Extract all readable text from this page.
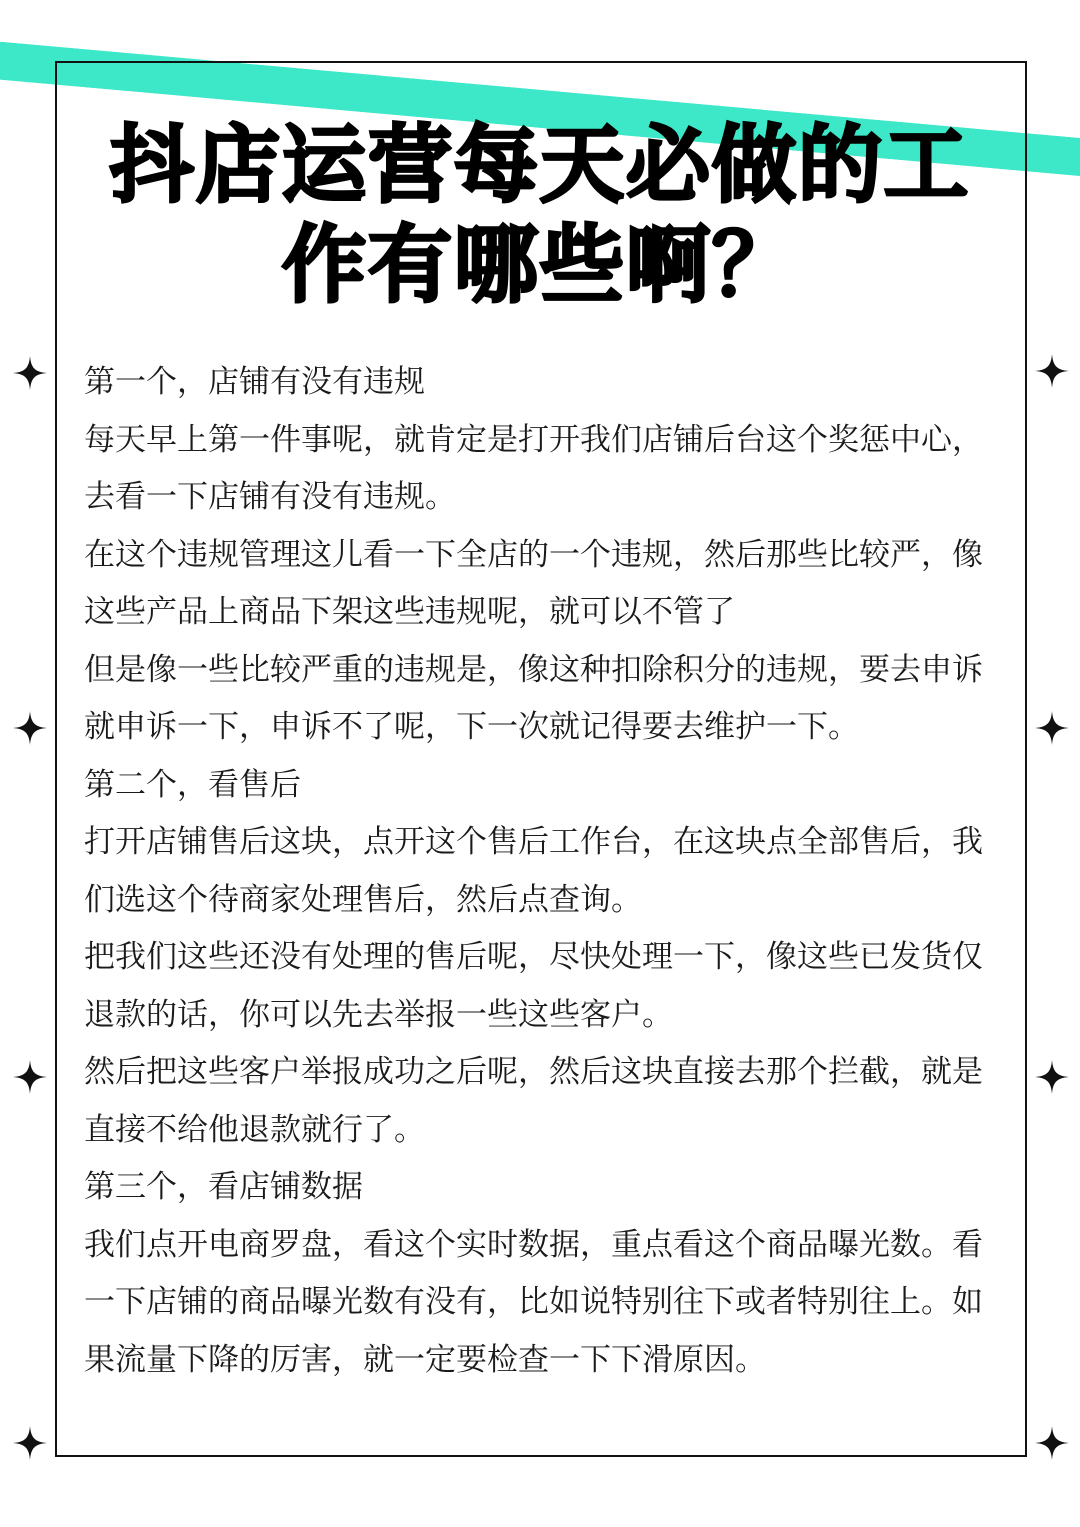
抖店运营每天必做的工
作有哪些啊？

第一个，店铺有没有违规

每天早上第一件事呢，就肯定是打开我们店铺后台这个奖惩中心，去看一下店铺有没有违规。

在这个违规管理这儿看一下全店的一个违规，然后那些比较严，像这些产品上商品下架这些违规呢，就可以不管了

但是像一些比较严重的违规是，像这种扣除积分的违规，要去申诉就申诉一下，申诉不了呢，下一次就记得要去维护一下。

第二个，看售后

打开店铺售后这块，点开这个售后工作台，在这块点全部售后，我们选这个待商家处理售后，然后点查询。

把我们这些还没有处理的售后呢，尽快处理一下，像这些已发货仅退款的话，你可以先去举报一些这些客户。

然后把这些客户举报成功之后呢，然后这块直接去那个拦截，就是直接不给他退款就行了。

第三个，看店铺数据

我们点开电商罗盘，看这个实时数据，重点看这个商品曝光数。看一下店铺的商品曝光数有没有，比如说特别往下或者特别往上。如果流量下降的厉害，就一定要检查一下下滑原因。
